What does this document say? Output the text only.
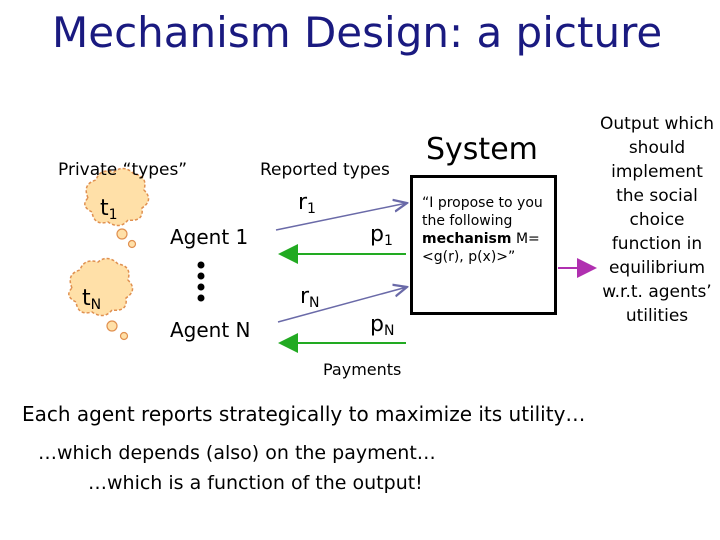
Mechanism Design: a picture
Private “types”	Reported types
$t_1$
Agent 1
$r_1$
$p_1$
$t_N$
Agent N
$r_N$
$p_N$
Payments
System
“I propose to you the following mechanism M=<g(r), p(x)>”
Output which should implement the social choice function in equilibrium w.r.t. agents’ utilities
Each agent reports strategically to maximize its utility…
…which depends (also) on the payment…
…which is a function of the output!
